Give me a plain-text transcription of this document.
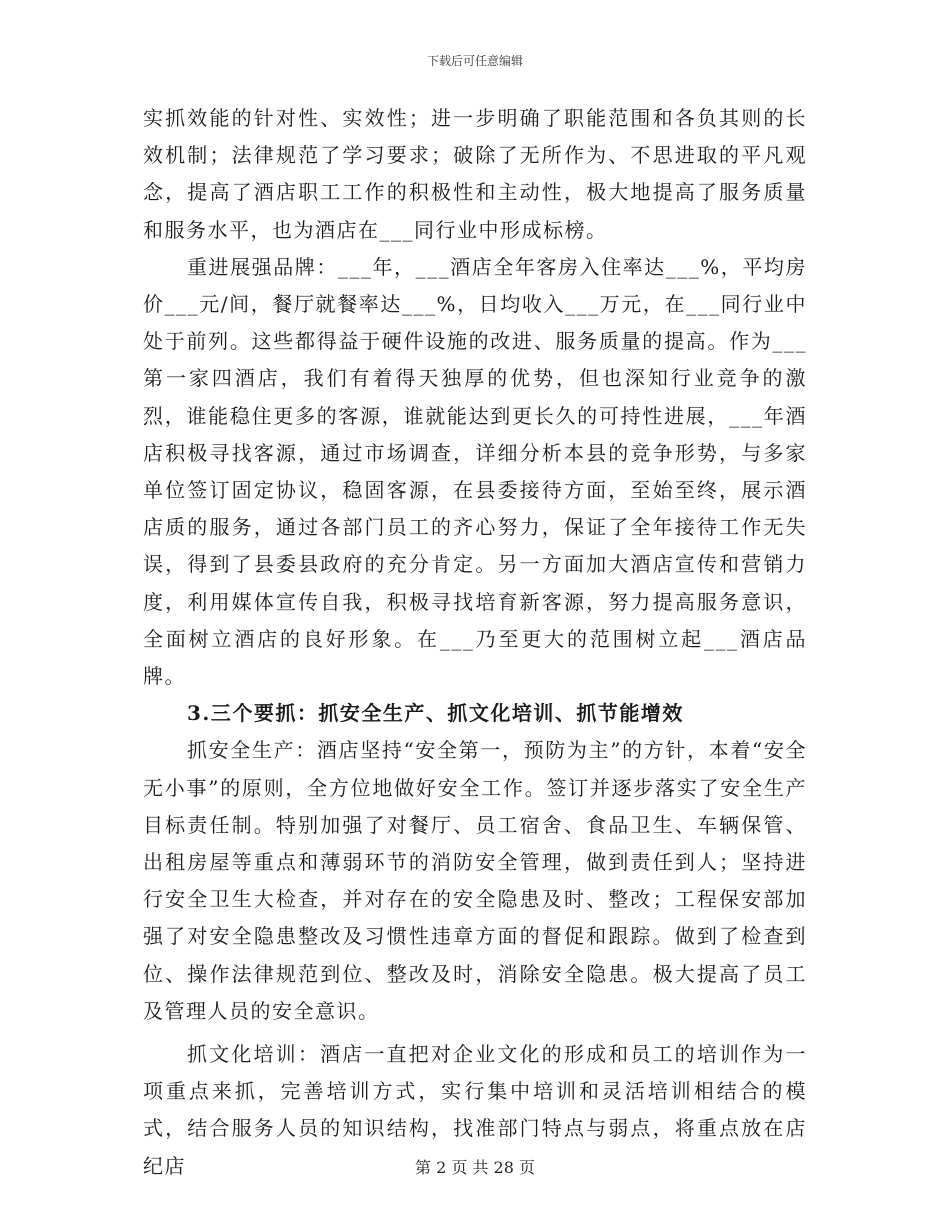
下载后可任意编辑

实抓效能的针对性、实效性；进一步明确了职能范围和各负其则的长效机制；法律规范了学习要求；破除了无所作为、不思进取的平凡观念，提高了酒店职工工作的积极性和主动性，极大地提高了服务质量和服务水平，也为酒店在___同行业中形成标榜。

重进展强品牌：___年，___酒店全年客房入住率达___%，平均房价___元/间，餐厅就餐率达___%，日均收入___万元，在___同行业中处于前列。这些都得益于硬件设施的改进、服务质量的提高。作为___第一家四酒店，我们有着得天独厚的优势，但也深知行业竞争的激烈，谁能稳住更多的客源，谁就能达到更长久的可持性进展，___年酒店积极寻找客源，通过市场调查，详细分析本县的竞争形势，与多家单位签订固定协议，稳固客源，在县委接待方面，至始至终，展示酒店质的服务，通过各部门员工的齐心努力，保证了全年接待工作无失误，得到了县委县政府的充分肯定。另一方面加大酒店宣传和营销力度，利用媒体宣传自我，积极寻找培育新客源，努力提高服务意识，全面树立酒店的良好形象。在___乃至更大的范围树立起___酒店品牌。

3.三个要抓：抓安全生产、抓文化培训、抓节能增效

抓安全生产：酒店坚持“安全第一，预防为主”的方针，本着“安全无小事”的原则，全方位地做好安全工作。签订并逐步落实了安全生产目标责任制。特别加强了对餐厅、员工宿舍、食品卫生、车辆保管、出租房屋等重点和薄弱环节的消防安全管理，做到责任到人；坚持进行安全卫生大检查，并对存在的安全隐患及时、整改；工程保安部加强了对安全隐患整改及习惯性违章方面的督促和跟踪。做到了检查到位、操作法律规范到位、整改及时，消除安全隐患。极大提高了员工及管理人员的安全意识。

抓文化培训：酒店一直把对企业文化的形成和员工的培训作为一项重点来抓，完善培训方式，实行集中培训和灵活培训相结合的模式，结合服务人员的知识结构，找准部门特点与弱点，将重点放在店纪店	第 2 页 共 28 页
